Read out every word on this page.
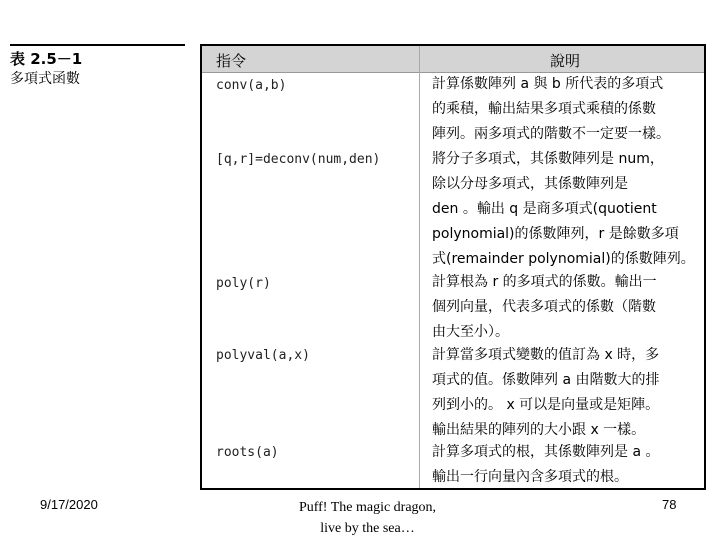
表 2.5－1
多項式函數
指令	說明
conv(a,b)	計算係數陣列 a 與 b 所代表的多項式
的乘積，輸出結果多項式乘積的係數
陣列。兩多項式的階數不一定要一樣。
[q,r]=deconv(num,den)	將分子多項式，其係數陣列是 num，
除以分母多項式，其係數陣列是
den 。輸出 q 是商多項式(quotient
polynomial)的係數陣列，r 是餘數多項
式(remainder polynomial)的係數陣列。
poly(r)	計算根為 r 的多項式的係數。輸出一
個列向量，代表多項式的係數（階數
由大至小）。
polyval(a,x)	計算當多項式變數的值訂為 x 時，多
項式的值。係數陣列 a 由階數大的排
列到小的。 x 可以是向量或是矩陣。
輸出結果的陣列的大小跟 x 一樣。
roots(a)	計算多項式的根，其係數陣列是 a 。
輸出一行向量內含多項式的根。
9/17/2020	Puff! The magic dragon,
live by the sea…
78
